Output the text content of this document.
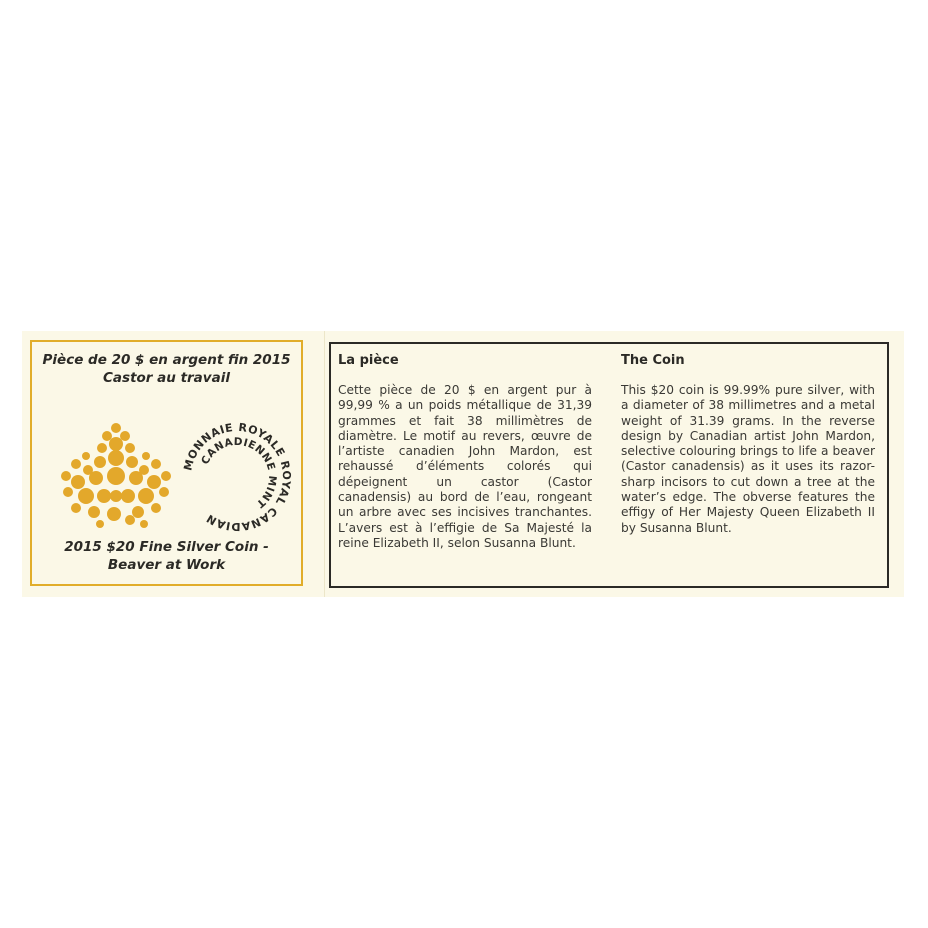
Pièce de 20 $ en argent fin 2015
Castor au travail
MONNAIE ROYALE ROYAL CANADIAN
CANADIENNE MINT
2015 $20 Fine Silver Coin -
Beaver at Work
La pièce

Cette pièce de 20 $ en argent pur à 99,99 % a un poids métallique de 31,39 grammes et fait 38 millimètres de diamètre. Le motif au revers, œuvre de l’artiste canadien John Mardon, est rehaussé d’éléments colorés qui dépeignent un castor (Castor canadensis) au bord de l’eau, rongeant un arbre avec ses incisives tranchantes. L’avers est à l’effigie de Sa Majesté la reine Elizabeth II, selon Susanna Blunt.

The Coin

This $20 coin is 99.99% pure silver, with a diameter of 38 millimetres and a metal weight of 31.39 grams. In the reverse design by Canadian artist John Mardon, selective colouring brings to life a beaver (Castor canadensis) as it uses its razor-sharp incisors to cut down a tree at the water’s edge. The obverse features the effigy of Her Majesty Queen Elizabeth II by Susanna Blunt.
